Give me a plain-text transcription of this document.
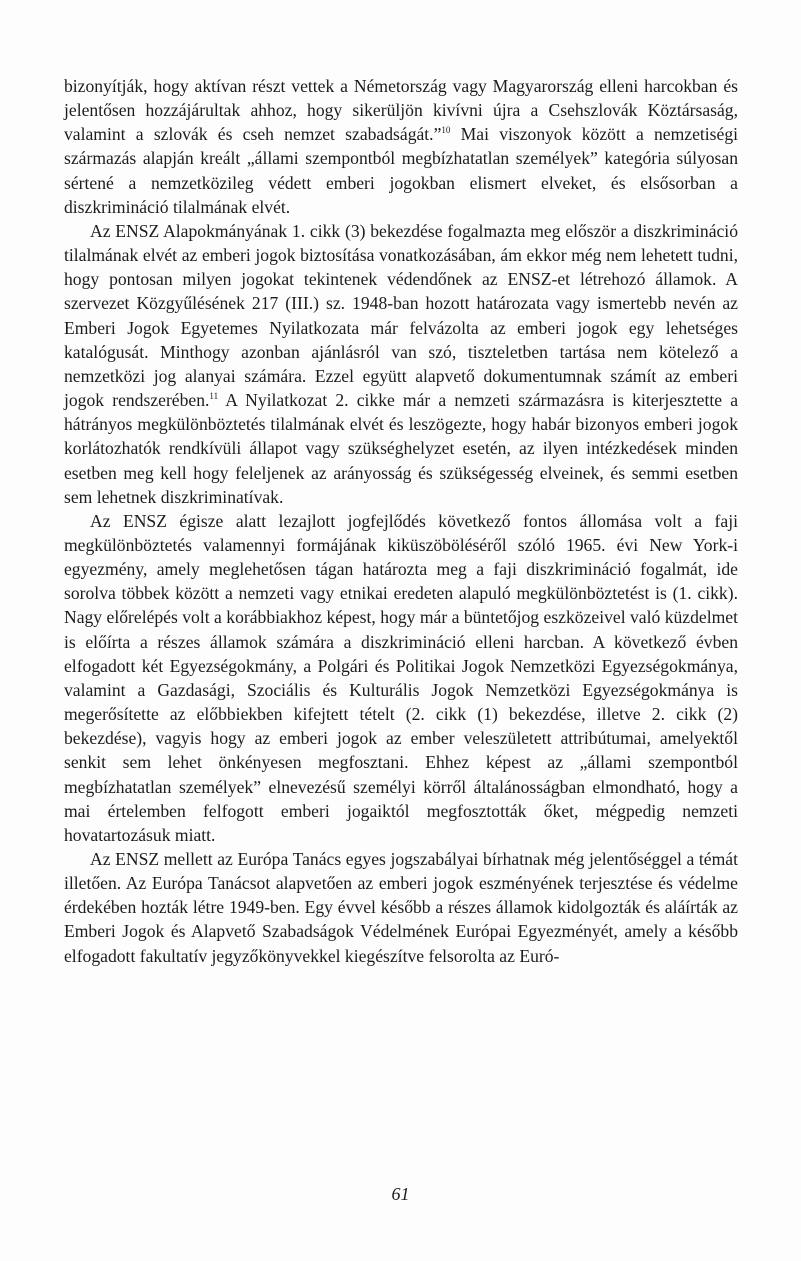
bizonyítják, hogy aktívan részt vettek a Németország vagy Magyarország elleni harcokban és jelentősen hozzájárultak ahhoz, hogy sikerüljön kivívni újra a Csehszlovák Köztársaság, valamint a szlovák és cseh nemzet szabadságát.”$^{10}$ Mai viszonyok között a nemzetiségi származás alapján kreált „állami szempontból megbízhatatlan személyek” kategória súlyosan sértené a nemzetközileg védett emberi jogokban elismert elveket, és elsősorban a diszkrimináció tilalmának elvét.

Az ENSZ Alapokmányának 1. cikk (3) bekezdése fogalmazta meg először a diszkrimináció tilalmának elvét az emberi jogok biztosítása vonatkozásában, ám ekkor még nem lehetett tudni, hogy pontosan milyen jogokat tekintenek védendőnek az ENSZ-et létrehozó államok. A szervezet Közgyűlésének 217 (III.) sz. 1948-ban hozott határozata vagy ismertebb nevén az Emberi Jogok Egyetemes Nyilatkozata már felvázolta az emberi jogok egy lehetséges katalógusát. Minthogy azonban ajánlásról van szó, tiszteletben tartása nem kötelező a nemzetközi jog alanyai számára. Ezzel együtt alapvető dokumentumnak számít az emberi jogok rendszerében.$^{11}$ A Nyilatkozat 2. cikke már a nemzeti származásra is kiterjesztette a hátrányos megkülönböztetés tilalmának elvét és leszögezte, hogy habár bizonyos emberi jogok korlátozhatók rendkívüli állapot vagy szükséghelyzet esetén, az ilyen intézkedések minden esetben meg kell hogy feleljenek az arányosság és szükségesség elveinek, és semmi esetben sem lehetnek diszkriminatívak.

Az ENSZ égisze alatt lezajlott jogfejlődés következő fontos állomása volt a faji megkülönböztetés valamennyi formájának kiküszöböléséről szóló 1965. évi New York-i egyezmény, amely meglehetősen tágan határozta meg a faji diszkrimináció fogalmát, ide sorolva többek között a nemzeti vagy etnikai eredeten alapuló megkülönböztetést is (1. cikk). Nagy előrelépés volt a korábbiakhoz képest, hogy már a büntetőjog eszközeivel való küzdelmet is előírta a részes államok számára a diszkrimináció elleni harcban. A következő évben elfogadott két Egyezségokmány, a Polgári és Politikai Jogok Nemzetközi Egyezségokmánya, valamint a Gazdasági, Szociális és Kulturális Jogok Nemzetközi Egyezségokmánya is megerősítette az előbbiekben kifejtett tételt (2. cikk (1) bekezdése, illetve 2. cikk (2) bekezdése), vagyis hogy az emberi jogok az ember veleszületett attribútumai, amelyektől senkit sem lehet önkényesen megfosztani. Ehhez képest az „állami szempontból megbízhatatlan személyek” elnevezésű személyi körről általánosságban elmondható, hogy a mai értelemben felfogott emberi jogaiktól megfosztották őket, mégpedig nemzeti hovatartozásuk miatt.

Az ENSZ mellett az Európa Tanács egyes jogszabályai bírhatnak még jelentőséggel a témát illetően. Az Európa Tanácsot alapvetően az emberi jogok eszményének terjesztése és védelme érdekében hozták létre 1949-ben. Egy évvel később a részes államok kidolgozták és aláírták az Emberi Jogok és Alapvető Szabadságok Védelmének Európai Egyezményét, amely a később elfogadott fakultatív jegyzőkönyvekkel kiegészítve felsorolta az Euró-

61
